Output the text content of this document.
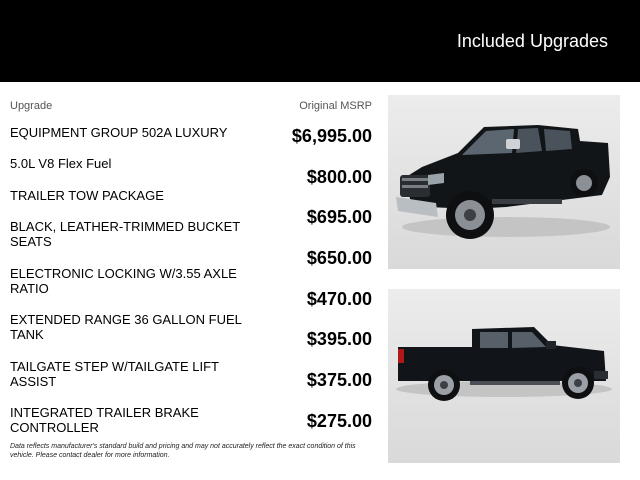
Included Upgrades
Upgrade	Original MSRP
EQUIPMENT GROUP 502A LUXURY
5.0L V8 Flex Fuel
TRAILER TOW PACKAGE
BLACK, LEATHER-TRIMMED BUCKET SEATS
ELECTRONIC LOCKING W/3.55 AXLE RATIO
EXTENDED RANGE 36 GALLON FUEL TANK
TAILGATE STEP W/TAILGATE LIFT ASSIST
INTEGRATED TRAILER BRAKE CONTROLLER
$6,995.00
$800.00
$695.00
$650.00
$470.00
$395.00
$375.00
$275.00
Data reflects manufacturer's standard build and pricing and may not accurately reflect the exact condition of this vehicle. Please contact dealer for more information.
